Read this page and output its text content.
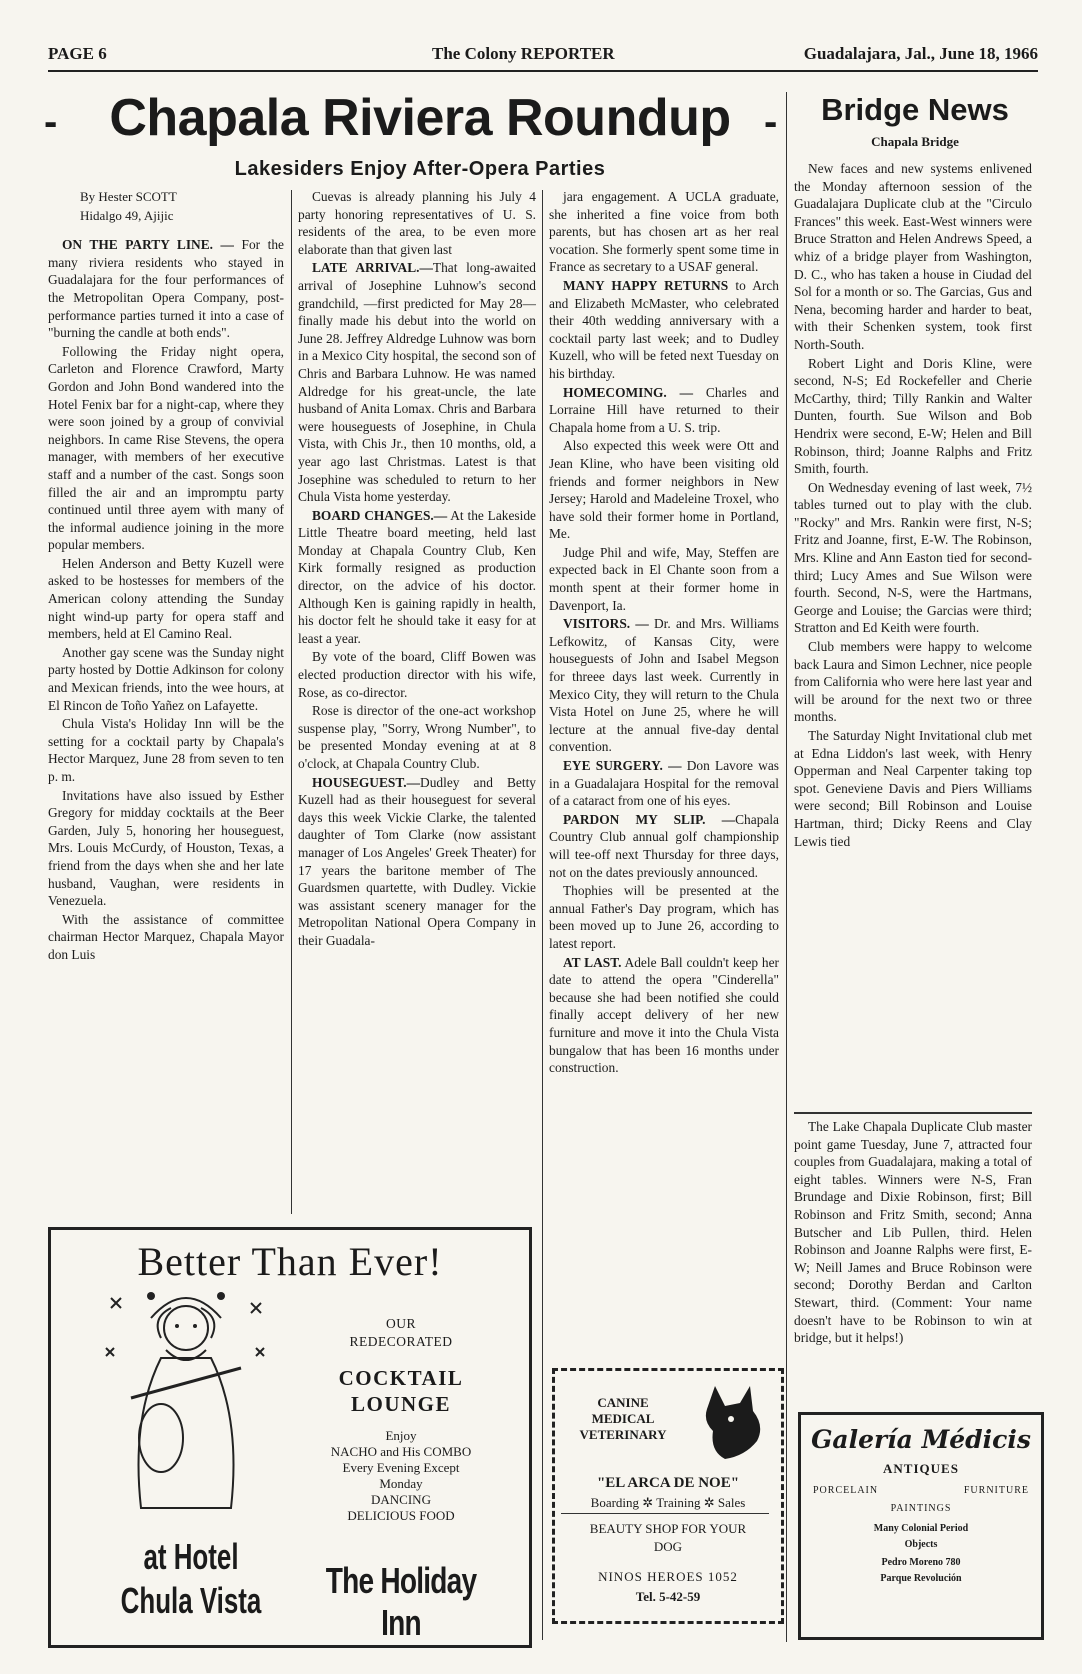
PAGE 6	The Colony REPORTER	Guadalajara, Jal., June 18, 1966
-	-
Chapala Riviera Roundup
Lakesiders Enjoy After-Opera Parties
Bridge News
Chapala Bridge

By Hester SCOTT

Hidalgo 49, Ajijic

ON THE PARTY LINE. — For the many riviera residents who stayed in Guadalajara for the four performances of the Metropolitan Opera Company, post-performance parties turned it into a case of "burning the candle at both ends".

Following the Friday night opera, Carleton and Florence Crawford, Marty Gordon and John Bond wandered into the Hotel Fenix bar for a night-cap, where they were soon joined by a group of convivial neighbors. In came Rise Stevens, the opera manager, with members of her executive staff and a number of the cast. Songs soon filled the air and an impromptu party continued until three ayem with many of the informal audience joining in the more popular members.

Helen Anderson and Betty Kuzell were asked to be hostesses for members of the American colony attending the Sunday night wind-up party for opera staff and members, held at El Camino Real.

Another gay scene was the Sunday night party hosted by Dottie Adkinson for colony and Mexican friends, into the wee hours, at El Rincon de Toño Yañez on Lafayette.

Chula Vista's Holiday Inn will be the setting for a cocktail party by Chapala's Hector Marquez, June 28 from seven to ten p. m.

Invitations have also issued by Esther Gregory for midday cocktails at the Beer Garden, July 5, honoring her houseguest, Mrs. Louis McCurdy, of Houston, Texas, a friend from the days when she and her late husband, Vaughan, were residents in Venezuela.

With the assistance of committee chairman Hector Marquez, Chapala Mayor don Luis

Cuevas is already planning his July 4 party honoring representatives of U. S. residents of the area, to be even more elaborate than that given last

LATE ARRIVAL.—That long-awaited arrival of Josephine Luhnow's second grandchild, —first predicted for May 28— finally made his debut into the world on June 28. Jeffrey Aldredge Luhnow was born in a Mexico City hospital, the second son of Chris and Barbara Luhnow. He was named Aldredge for his great-uncle, the late husband of Anita Lomax. Chris and Barbara were houseguests of Josephine, in Chula Vista, with Chis Jr., then 10 months, old, a year ago last Christmas. Latest is that Josephine was scheduled to return to her Chula Vista home yesterday.

BOARD CHANGES.— At the Lakeside Little Theatre board meeting, held last Monday at Chapala Country Club, Ken Kirk formally resigned as production director, on the advice of his doctor. Although Ken is gaining rapidly in health, his doctor felt he should take it easy for at least a year.

By vote of the board, Cliff Bowen was elected production director with his wife, Rose, as co-director.

Rose is director of the one-act workshop suspense play, "Sorry, Wrong Number", to be presented Monday evening at at 8 o'clock, at Chapala Country Club.

HOUSEGUEST.—Dudley and Betty Kuzell had as their houseguest for several days this week Vickie Clarke, the talented daughter of Tom Clarke (now assistant manager of Los Angeles' Greek Theater) for 17 years the baritone member of The Guardsmen quartette, with Dudley. Vickie was assistant scenery manager for the Metropolitan National Opera Company in their Guadala-

jara engagement. A UCLA graduate, she inherited a fine voice from both parents, but has chosen art as her real vocation. She formerly spent some time in France as secretary to a USAF general.

MANY HAPPY RETURNS to Arch and Elizabeth McMaster, who celebrated their 40th wedding anniversary with a cocktail party last week; and to Dudley Kuzell, who will be feted next Tuesday on his birthday.

HOMECOMING. — Charles and Lorraine Hill have returned to their Chapala home from a U. S. trip.

Also expected this week were Ott and Jean Kline, who have been visiting old friends and former neighbors in New Jersey; Harold and Madeleine Troxel, who have sold their former home in Portland, Me.

Judge Phil and wife, May, Steffen are expected back in El Chante soon from a month spent at their former home in Davenport, Ia.

VISITORS. — Dr. and Mrs. Williams Lefkowitz, of Kansas City, were houseguests of John and Isabel Megson for threee days last week. Currently in Mexico City, they will return to the Chula Vista Hotel on June 25, where he will lecture at the annual five-day dental convention.

EYE SURGERY. — Don Lavore was in a Guadalajara Hospital for the removal of a cataract from one of his eyes.

PARDON MY SLIP. —Chapala Country Club annual golf championship will tee-off next Thursday for three days, not on the dates previously announced.

Thophies will be presented at the annual Father's Day program, which has been moved up to June 26, according to latest report.

AT LAST. Adele Ball couldn't keep her date to attend the opera "Cinderella" because she had been notified she could finally accept delivery of her new furniture and move it into the Chula Vista bungalow that has been 16 months under construction.

New faces and new systems enlivened the Monday afternoon session of the Guadalajara Duplicate club at the "Circulo Frances" this week. East-West winners were Bruce Stratton and Helen Andrews Speed, a whiz of a bridge player from Washington, D. C., who has taken a house in Ciudad del Sol for a month or so. The Garcias, Gus and Nena, becoming harder and harder to beat, with their Schenken system, took first North-South.

Robert Light and Doris Kline, were second, N-S; Ed Rockefeller and Cherie McCarthy, third; Tilly Rankin and Walter Dunten, fourth. Sue Wilson and Bob Hendrix were second, E-W; Helen and Bill Robinson, third; Joanne Ralphs and Fritz Smith, fourth.

On Wednesday evening of last week, 7½ tables turned out to play with the club. "Rocky" and Mrs. Rankin were first, N-S; Fritz and Joanne, first, E-W. The Robinson, Mrs. Kline and Ann Easton tied for second-third; Lucy Ames and Sue Wilson were fourth. Second, N-S, were the Hartmans, George and Louise; the Garcias were third; Stratton and Ed Keith were fourth.

Club members were happy to welcome back Laura and Simon Lechner, nice people from California who were here last year and will be around for the next two or three months.

The Saturday Night Invitational club met at Edna Liddon's last week, with Henry Opperman and Neal Carpenter taking top spot. Geneviene Davis and Piers Williams were second; Bill Robinson and Louise Hartman, third; Dicky Reens and Clay Lewis tied

The Lake Chapala Duplicate Club master point game Tuesday, June 7, attracted four couples from Guadalajara, making a total of eight tables. Winners were N-S, Fran Brundage and Dixie Robinson, first; Bill Robinson and Fritz Smith, second; Anna Butscher and Lib Pullen, third. Helen Robinson and Joanne Ralphs were first, E-W; Neill James and Bruce Robinson were second; Dorothy Berdan and Carlton Stewart, third. (Comment: Your name doesn't have to be Robinson to win at bridge, but it helps!)

Better Than Ever!
OUR
REDECORATED
COCKTAIL
LOUNGE
Enjoy
NACHO and His COMBO
Every Evening Except
Monday
DANCING
DELICIOUS FOOD
The Holiday Inn
at Hotel
Chula Vista
CANINE
MEDICAL
VETERINARY
"EL ARCA DE NOE"
Boarding ✲ Training ✲ Sales
BEAUTY SHOP FOR YOUR
DOG
NINOS HEROES 1052
Tel. 5-42-59
Galería Médicis
ANTIQUES
PORCELAIN	FURNITURE
PAINTINGS
Many Colonial Period
Objects
Pedro Moreno 780
Parque Revolución
